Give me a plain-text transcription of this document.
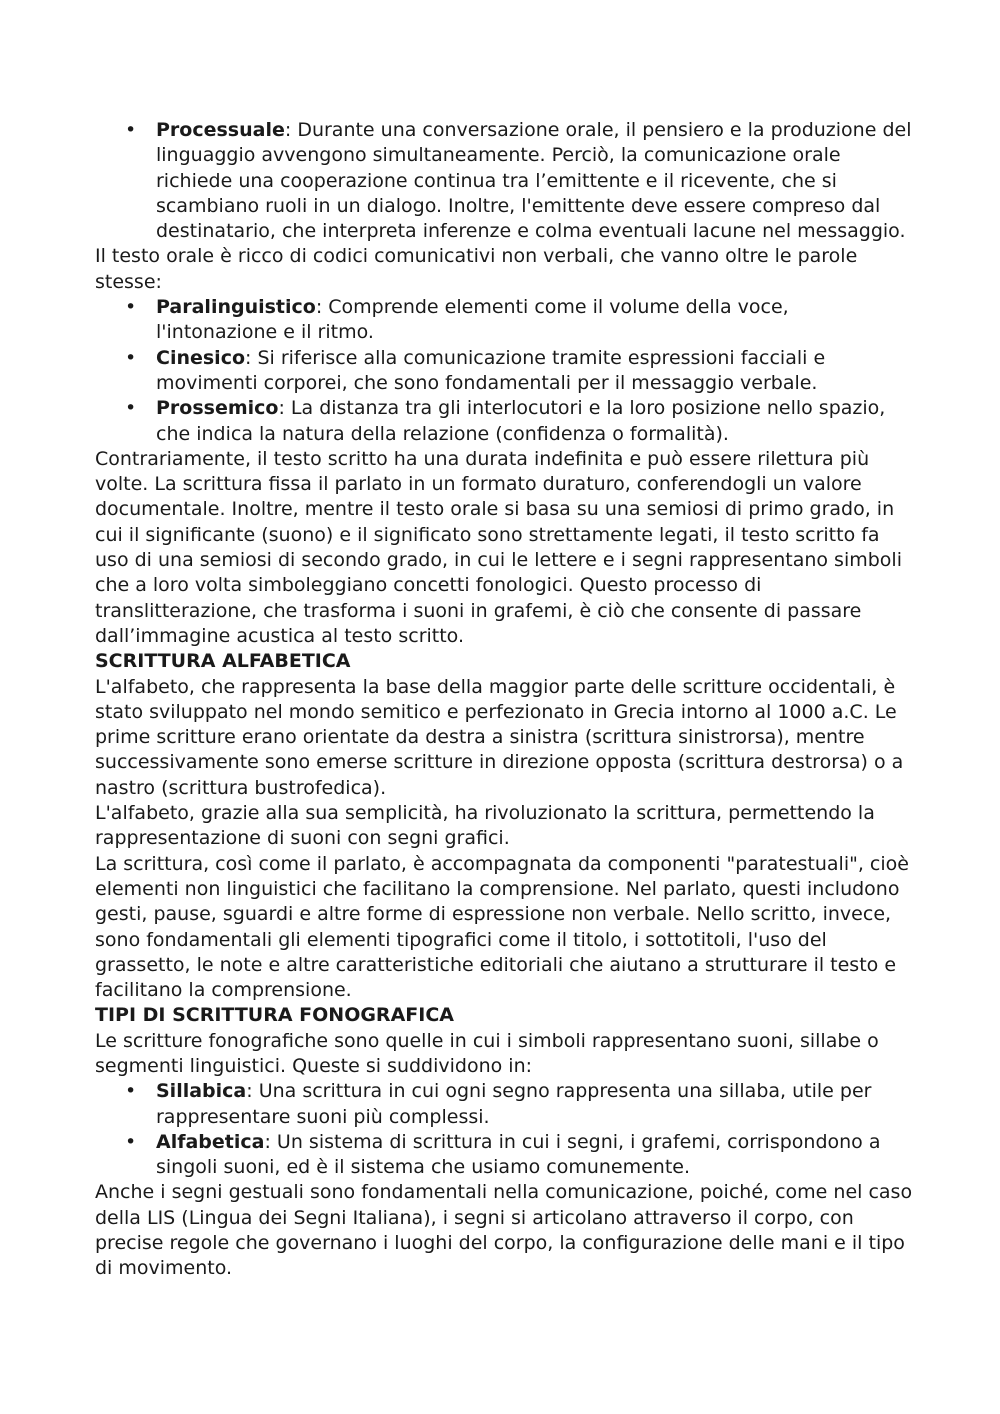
• Processuale: Durante una conversazione orale, il pensiero e la produzione del linguaggio avvengono simultaneamente. Perciò, la comunicazione orale richiede una cooperazione continua tra l’emittente e il ricevente, che si scambiano ruoli in un dialogo. Inoltre, l'emittente deve essere compreso dal destinatario, che interpreta inferenze e colma eventuali lacune nel messaggio.

Il testo orale è ricco di codici comunicativi non verbali, che vanno oltre le parole stesse:

• Paralinguistico: Comprende elementi come il volume della voce, l'intonazione e il ritmo.
• Cinesico: Si riferisce alla comunicazione tramite espressioni facciali e movimenti corporei, che sono fondamentali per il messaggio verbale.
• Prossemico: La distanza tra gli interlocutori e la loro posizione nello spazio, che indica la natura della relazione (confidenza o formalità).

Contrariamente, il testo scritto ha una durata indefinita e può essere rilettura più volte. La scrittura fissa il parlato in un formato duraturo, conferendogli un valore documentale. Inoltre, mentre il testo orale si basa su una semiosi di primo grado, in cui il significante (suono) e il significato sono strettamente legati, il testo scritto fa uso di una semiosi di secondo grado, in cui le lettere e i segni rappresentano simboli che a loro volta simboleggiano concetti fonologici. Questo processo di translitterazione, che trasforma i suoni in grafemi, è ciò che consente di passare dall’immagine acustica al testo scritto.

SCRITTURA ALFABETICA

L'alfabeto, che rappresenta la base della maggior parte delle scritture occidentali, è stato sviluppato nel mondo semitico e perfezionato in Grecia intorno al 1000 a.C. Le prime scritture erano orientate da destra a sinistra (scrittura sinistrorsa), mentre successivamente sono emerse scritture in direzione opposta (scrittura destrorsa) o a nastro (scrittura bustrofedica).

L'alfabeto, grazie alla sua semplicità, ha rivoluzionato la scrittura, permettendo la rappresentazione di suoni con segni grafici.

La scrittura, così come il parlato, è accompagnata da componenti "paratestuali", cioè elementi non linguistici che facilitano la comprensione. Nel parlato, questi includono gesti, pause, sguardi e altre forme di espressione non verbale. Nello scritto, invece, sono fondamentali gli elementi tipografici come il titolo, i sottotitoli, l'uso del grassetto, le note e altre caratteristiche editoriali che aiutano a strutturare il testo e facilitano la comprensione.

TIPI DI SCRITTURA FONOGRAFICA

Le scritture fonografiche sono quelle in cui i simboli rappresentano suoni, sillabe o segmenti linguistici. Queste si suddividono in:

• Sillabica: Una scrittura in cui ogni segno rappresenta una sillaba, utile per rappresentare suoni più complessi.
• Alfabetica: Un sistema di scrittura in cui i segni, i grafemi, corrispondono a singoli suoni, ed è il sistema che usiamo comunemente.

Anche i segni gestuali sono fondamentali nella comunicazione, poiché, come nel caso della LIS (Lingua dei Segni Italiana), i segni si articolano attraverso il corpo, con precise regole che governano i luoghi del corpo, la configurazione delle mani e il tipo di movimento.
